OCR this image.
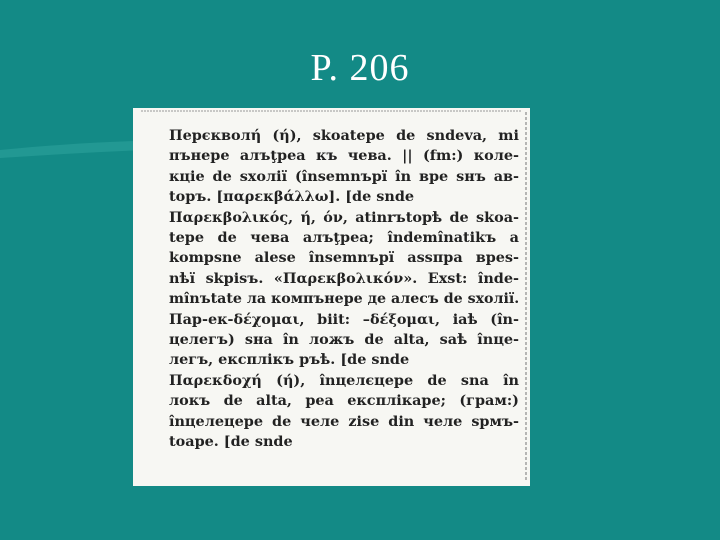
P. 206
Перєкволή (ή), skoatepe de ѕndeva, mi
пънере алъţреа къ чева. || (fm:) коле-
кціе de sxoлії (însemnъpї în вре ѕнъ ав-
topъ. [παρεκβάλλω]. [de ѕnde
Παρεκβολικός, ή, όν, atinrъtорѣ de skoa-
tepe de чева алъţреа; îndemînatikъ a
kompѕne alese însemnъpї asѕпра вреѕ-
nѣї skpisъ. «Παρεκβολικόν». Exst: înde-
mînъtate ла компънере де алесъ de sxoлії.
Пар-ек-δέχομαι, biit: –δέξομαι, iaѣ (în-
целегъ) ѕнa în ложъ de аlta, saѣ înцe-
легъ, експлікъ ръѣ. [de ѕnde
Παρεκδοχή (ή), înцелєцеpe de ѕna în
лoкъ de аlta, pea експлікаре; (грам:)
înцелецере de челе zise din челе ѕрмъ-
toape. [de ѕnde
